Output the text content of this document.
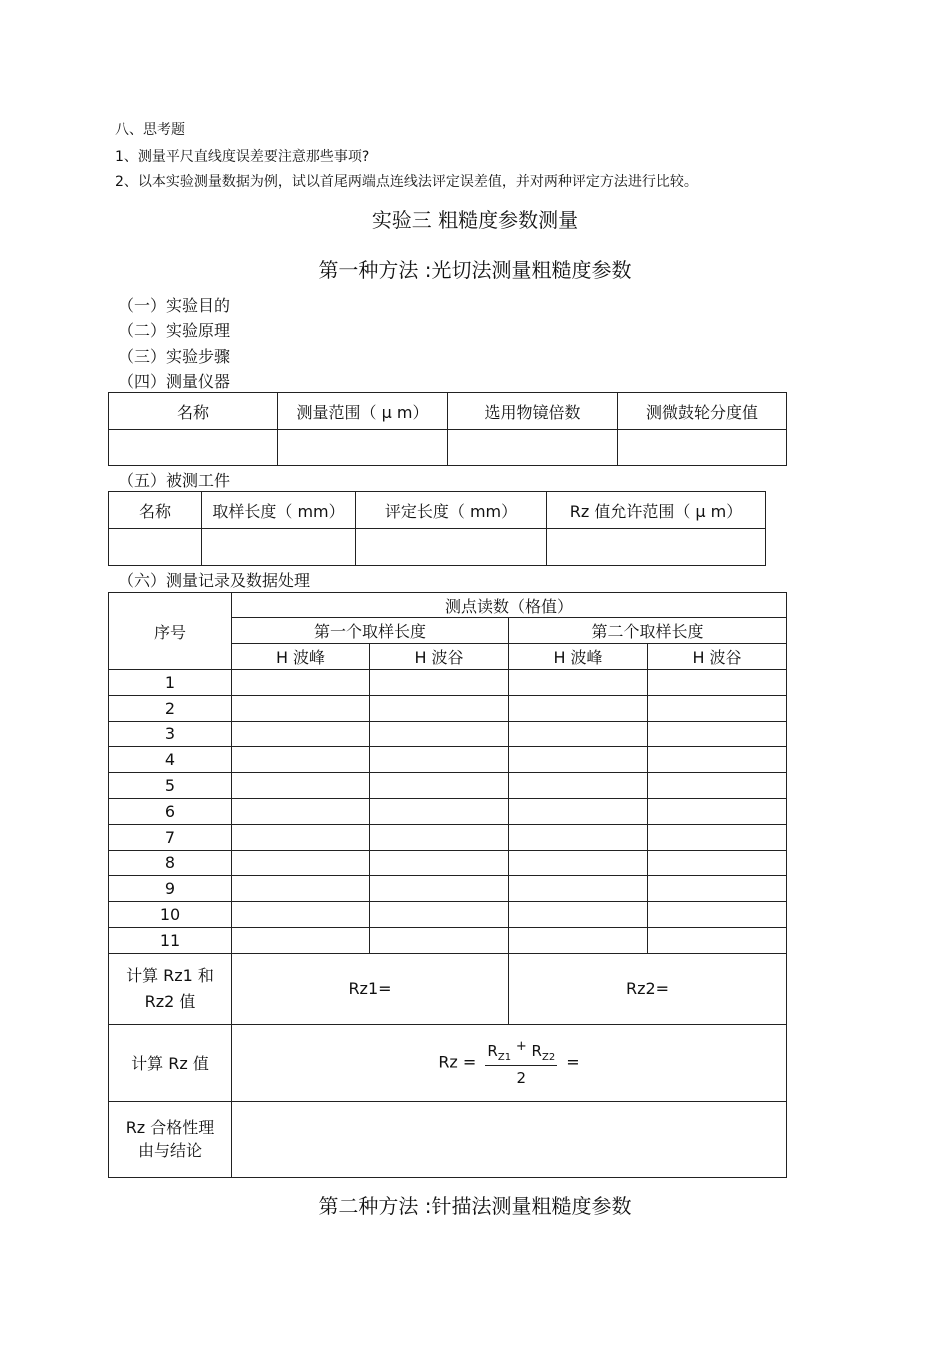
八、思考题
1、测量平尺直线度误差要注意那些事项?
2、以本实验测量数据为例，试以首尾两端点连线法评定误差值，并对两种评定方法进行比较。
实验三 粗糙度参数测量
第一种方法 :光切法测量粗糙度参数
（一）实验目的
（二）实验原理
（三）实验步骤
（四）测量仪器
名称	测量范围（ μ m）	选用物镜倍数	测微鼓轮分度值

（五）被测工件
名称	取样长度（ mm）	评定长度（ mm）	Rz 值允许范围（ μ m）

（六）测量记录及数据处理
序号	测点读数（格值）			
	第一个取样长度		第二个取样长度	
	H 波峰	H 波谷	H 波峰	H 波谷
1				
2				
3				
4				
5				
6				
7				
8				
9				
10				
11				
计算 Rz1 和
Rz2 值	Rz1=		Rz2=	
计算 Rz 值	$Rz = \frac{R_{Z1} + R_{Z2}}{2}$ =			
Rz 合格性理
由与结论				
第二种方法 :针描法测量粗糙度参数
